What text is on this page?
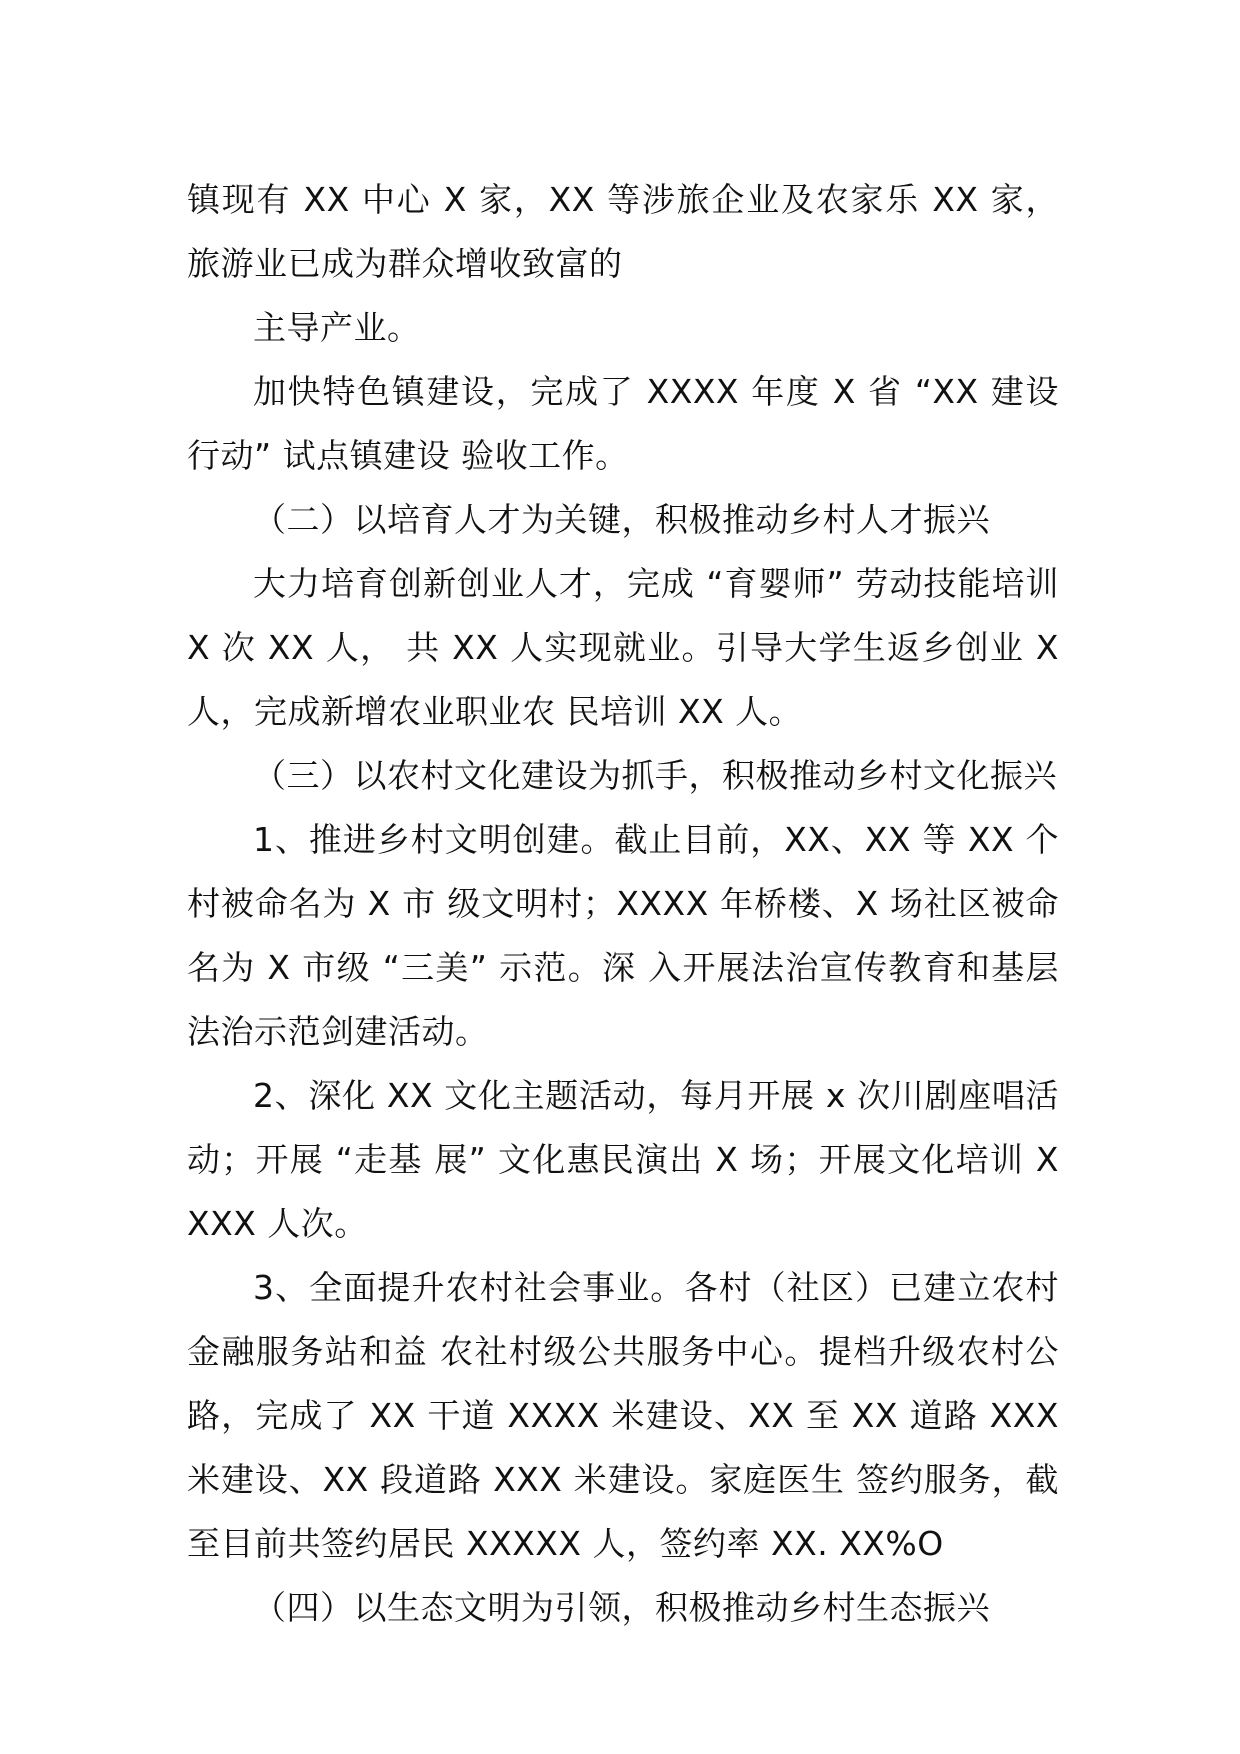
镇现有 XX 中心 X 家，XX 等涉旅企业及农家乐 XX 家，旅游业已成为群众增收致富的

主导产业。

加快特色镇建设，完成了 XXXX 年度 X 省 “XX 建设行动” 试点镇建设 验收工作。

（二）以培育人才为关键，积极推动乡村人才振兴

大力培育创新创业人才，完成 “育婴师” 劳动技能培训 X 次 XX 人， 共 XX 人实现就业。引导大学生返乡创业 X 人，完成新增农业职业农 民培训 XX 人。

（三）以农村文化建设为抓手，积极推动乡村文化振兴

1、推进乡村文明创建。截止目前，XX、XX 等 XX 个村被命名为 X 市 级文明村；XXXX 年桥楼、X 场社区被命名为 X 市级 “三美” 示范。深 入开展法治宣传教育和基层法治示范剑建活动。

2、深化 XX 文化主题活动，每月开展 x 次川剧座唱活动；开展 “走基 展” 文化惠民演出 X 场；开展文化培训 XXXX 人次。

3、全面提升农村社会事业。各村（社区）已建立农村金融服务站和益 农社村级公共服务中心。提档升级农村公路，完成了 XX 干道 XXXX 米建设、XX 至 XX 道路 XXX 米建设、XX 段道路 XXX 米建设。家庭医生 签约服务，截至目前共签约居民 XXXXX 人，签约率 XX. XX%O

（四）以生态文明为引领，积极推动乡村生态振兴
